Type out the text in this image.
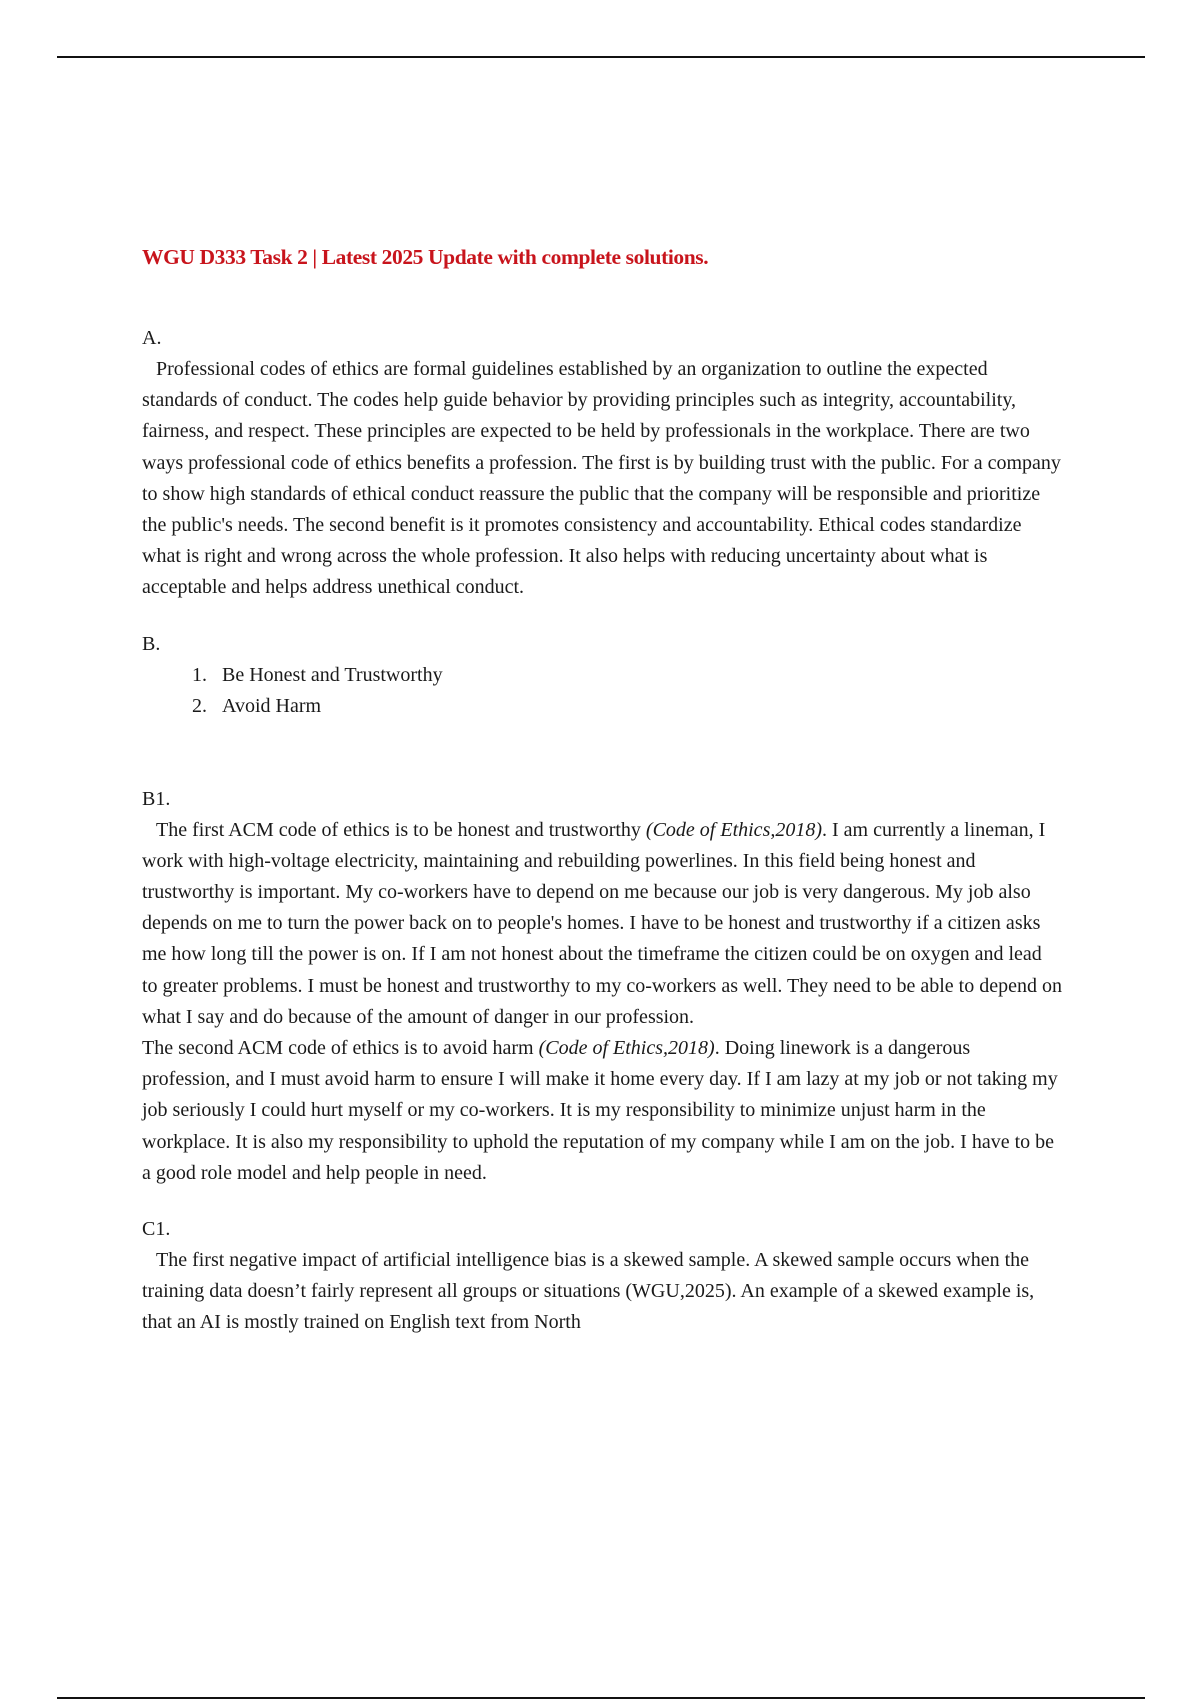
WGU D333 Task 2 | Latest 2025 Update with complete solutions.

A.

Professional codes of ethics are formal guidelines established by an organization to outline the expected standards of conduct. The codes help guide behavior by providing principles such as integrity, accountability, fairness, and respect. These principles are expected to be held by professionals in the workplace. There are two ways professional code of ethics benefits a profession. The first is by building trust with the public. For a company to show high standards of ethical conduct reassure the public that the company will be responsible and prioritize the public's needs. The second benefit is it promotes consistency and accountability. Ethical codes standardize what is right and wrong across the whole profession. It also helps with reducing uncertainty about what is acceptable and helps address unethical conduct.

B.

1. Be Honest and Trustworthy
2. Avoid Harm

B1.

The first ACM code of ethics is to be honest and trustworthy (Code of Ethics,2018). I am currently a lineman, I work with high-voltage electricity, maintaining and rebuilding powerlines. In this field being honest and trustworthy is important. My co-workers have to depend on me because our job is very dangerous. My job also depends on me to turn the power back on to people's homes. I have to be honest and trustworthy if a citizen asks me how long till the power is on. If I am not honest about the timeframe the citizen could be on oxygen and lead to greater problems. I must be honest and trustworthy to my co-workers as well. They need to be able to depend on what I say and do because of the amount of danger in our profession.

The second ACM code of ethics is to avoid harm (Code of Ethics,2018). Doing linework is a dangerous profession, and I must avoid harm to ensure I will make it home every day. If I am lazy at my job or not taking my job seriously I could hurt myself or my co-workers. It is my responsibility to minimize unjust harm in the workplace. It is also my responsibility to uphold the reputation of my company while I am on the job. I have to be a good role model and help people in need.

C1.

The first negative impact of artificial intelligence bias is a skewed sample. A skewed sample occurs when the training data doesn’t fairly represent all groups or situations (WGU,2025). An example of a skewed example is, that an AI is mostly trained on English text from North
